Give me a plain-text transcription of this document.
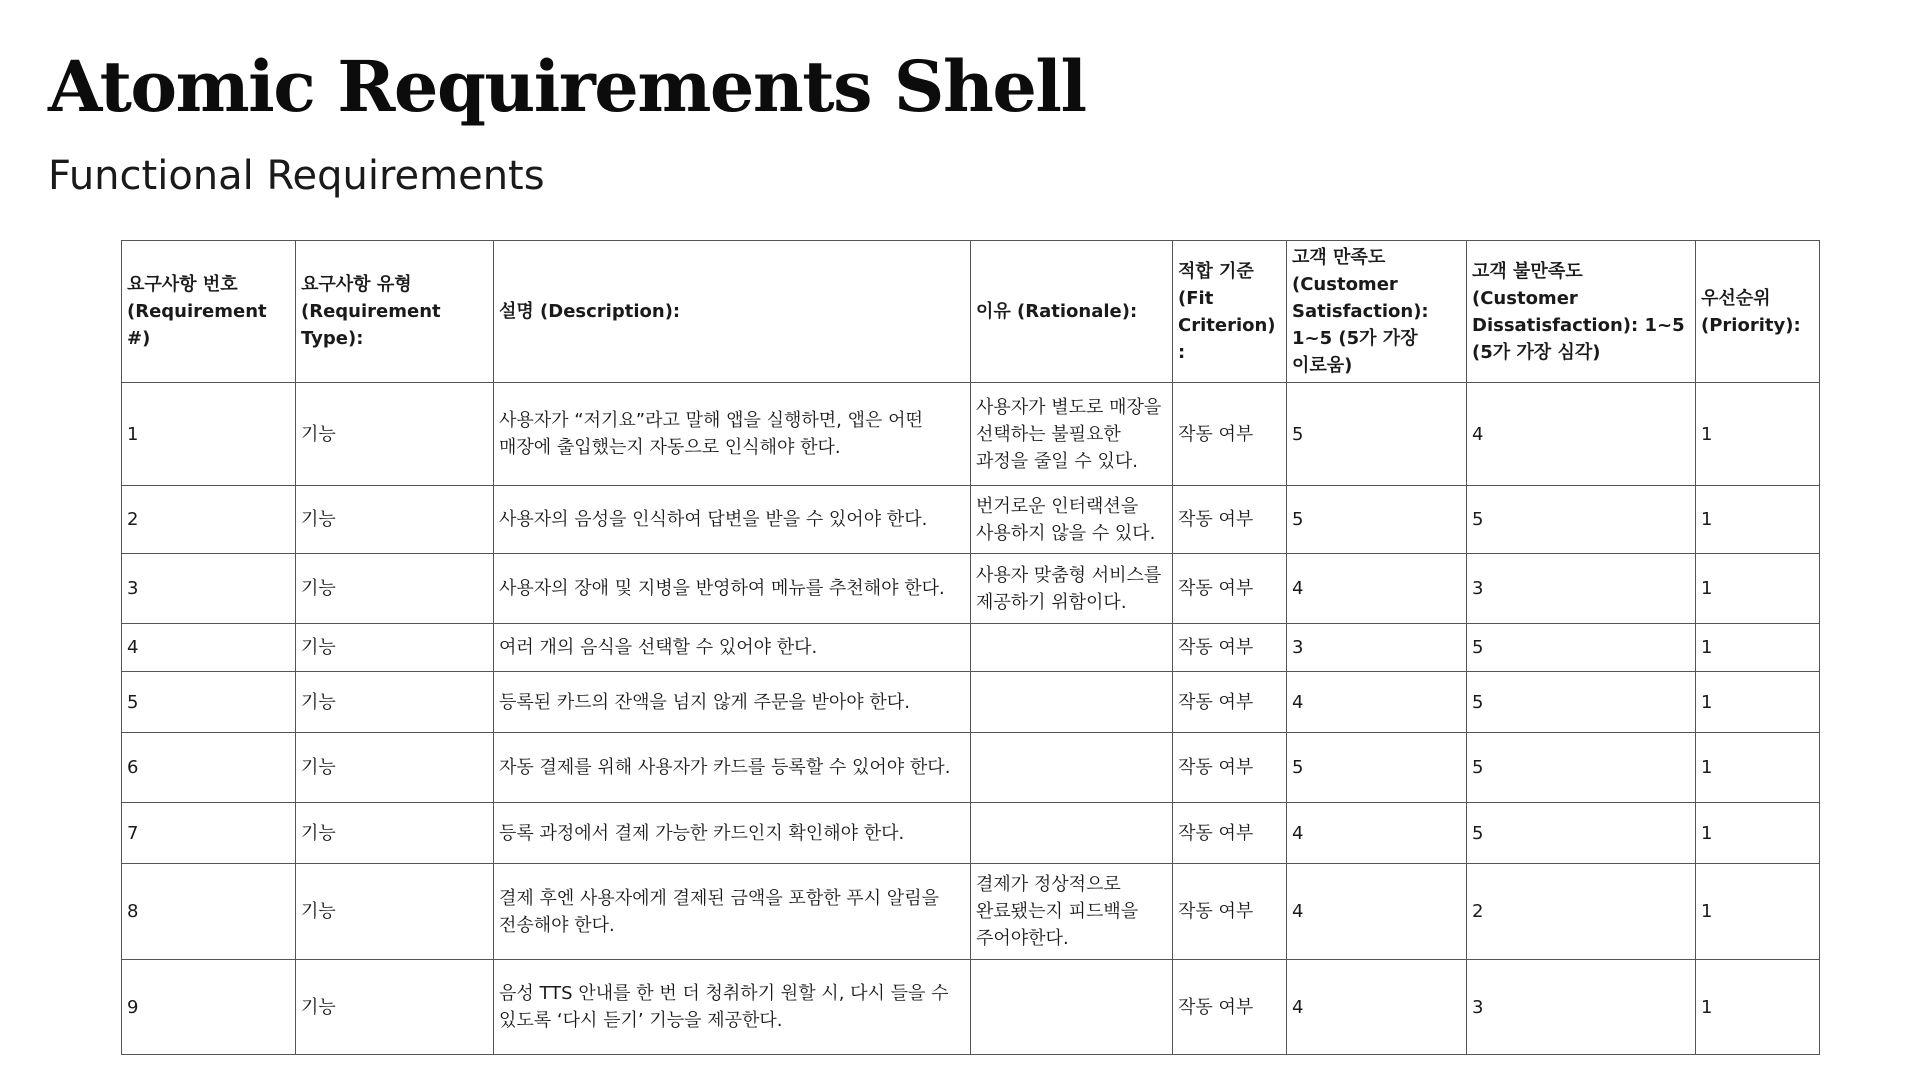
Atomic Requirements Shell
Functional Requirements
요구사항 번호 (Requirement #)	요구사항 유형 (Requirement Type):	설명 (Description):	이유 (Rationale):	적합 기준 (Fit Criterion):	고객 만족도 (Customer Satisfaction): 1~5 (5가 가장 이로움)	고객 불만족도 (Customer Dissatisfaction): 1~5 (5가 가장 심각)	우선순위 (Priority):
1	기능	사용자가 “저기요”라고 말해 앱을 실행하면, 앱은 어떤 매장에 출입했는지 자동으로 인식해야 한다.	사용자가 별도로 매장을 선택하는 불필요한 과정을 줄일 수 있다.	작동 여부	5	4	1
2	기능	사용자의 음성을 인식하여 답변을 받을 수 있어야 한다.	번거로운 인터랙션을 사용하지 않을 수 있다.	작동 여부	5	5	1
3	기능	사용자의 장애 및 지병을 반영하여 메뉴를 추천해야 한다.	사용자 맞춤형 서비스를 제공하기 위함이다.	작동 여부	4	3	1
4	기능	여러 개의 음식을 선택할 수 있어야 한다.		작동 여부	3	5	1
5	기능	등록된 카드의 잔액을 넘지 않게 주문을 받아야 한다.		작동 여부	4	5	1
6	기능	자동 결제를 위해 사용자가 카드를 등록할 수 있어야 한다.		작동 여부	5	5	1
7	기능	등록 과정에서 결제 가능한 카드인지 확인해야 한다.		작동 여부	4	5	1
8	기능	결제 후엔 사용자에게 결제된 금액을 포함한 푸시 알림을 전송해야 한다.	결제가 정상적으로 완료됐는지 피드백을 주어야한다.	작동 여부	4	2	1
9	기능	음성 TTS 안내를 한 번 더 청취하기 원할 시, 다시 들을 수 있도록 ‘다시 듣기’ 기능을 제공한다.		작동 여부	4	3	1
